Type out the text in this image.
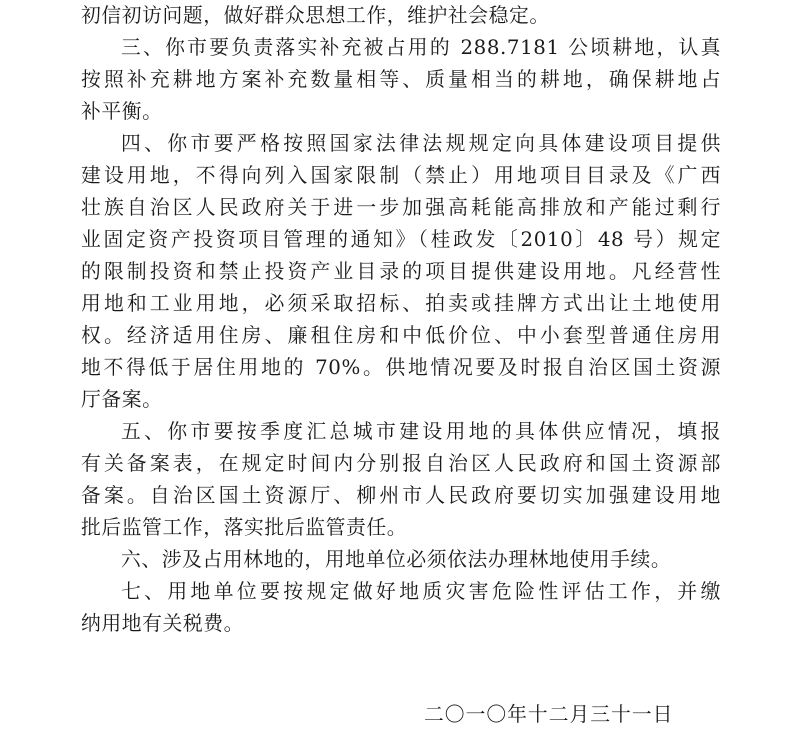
初信初访问题，做好群众思想工作，维护社会稳定。
三、你市要负责落实补充被占用的 288.7181 公顷耕地，认真
按照补充耕地方案补充数量相等、质量相当的耕地，确保耕地占
补平衡。
四、你市要严格按照国家法律法规规定向具体建设项目提供
建设用地，不得向列入国家限制（禁止）用地项目目录及《广西
壮族自治区人民政府关于进一步加强高耗能高排放和产能过剩行
业固定资产投资项目管理的通知》（桂政发〔2010〕48 号）规定
的限制投资和禁止投资产业目录的项目提供建设用地。凡经营性
用地和工业用地，必须采取招标、拍卖或挂牌方式出让土地使用
权。经济适用住房、廉租住房和中低价位、中小套型普通住房用
地不得低于居住用地的 70%。供地情况要及时报自治区国土资源
厅备案。
五、你市要按季度汇总城市建设用地的具体供应情况，填报
有关备案表，在规定时间内分别报自治区人民政府和国土资源部
备案。自治区国土资源厅、柳州市人民政府要切实加强建设用地
批后监管工作，落实批后监管责任。
六、涉及占用林地的，用地单位必须依法办理林地使用手续。
七、用地单位要按规定做好地质灾害危险性评估工作，并缴
纳用地有关税费。
二〇一〇年十二月三十一日
